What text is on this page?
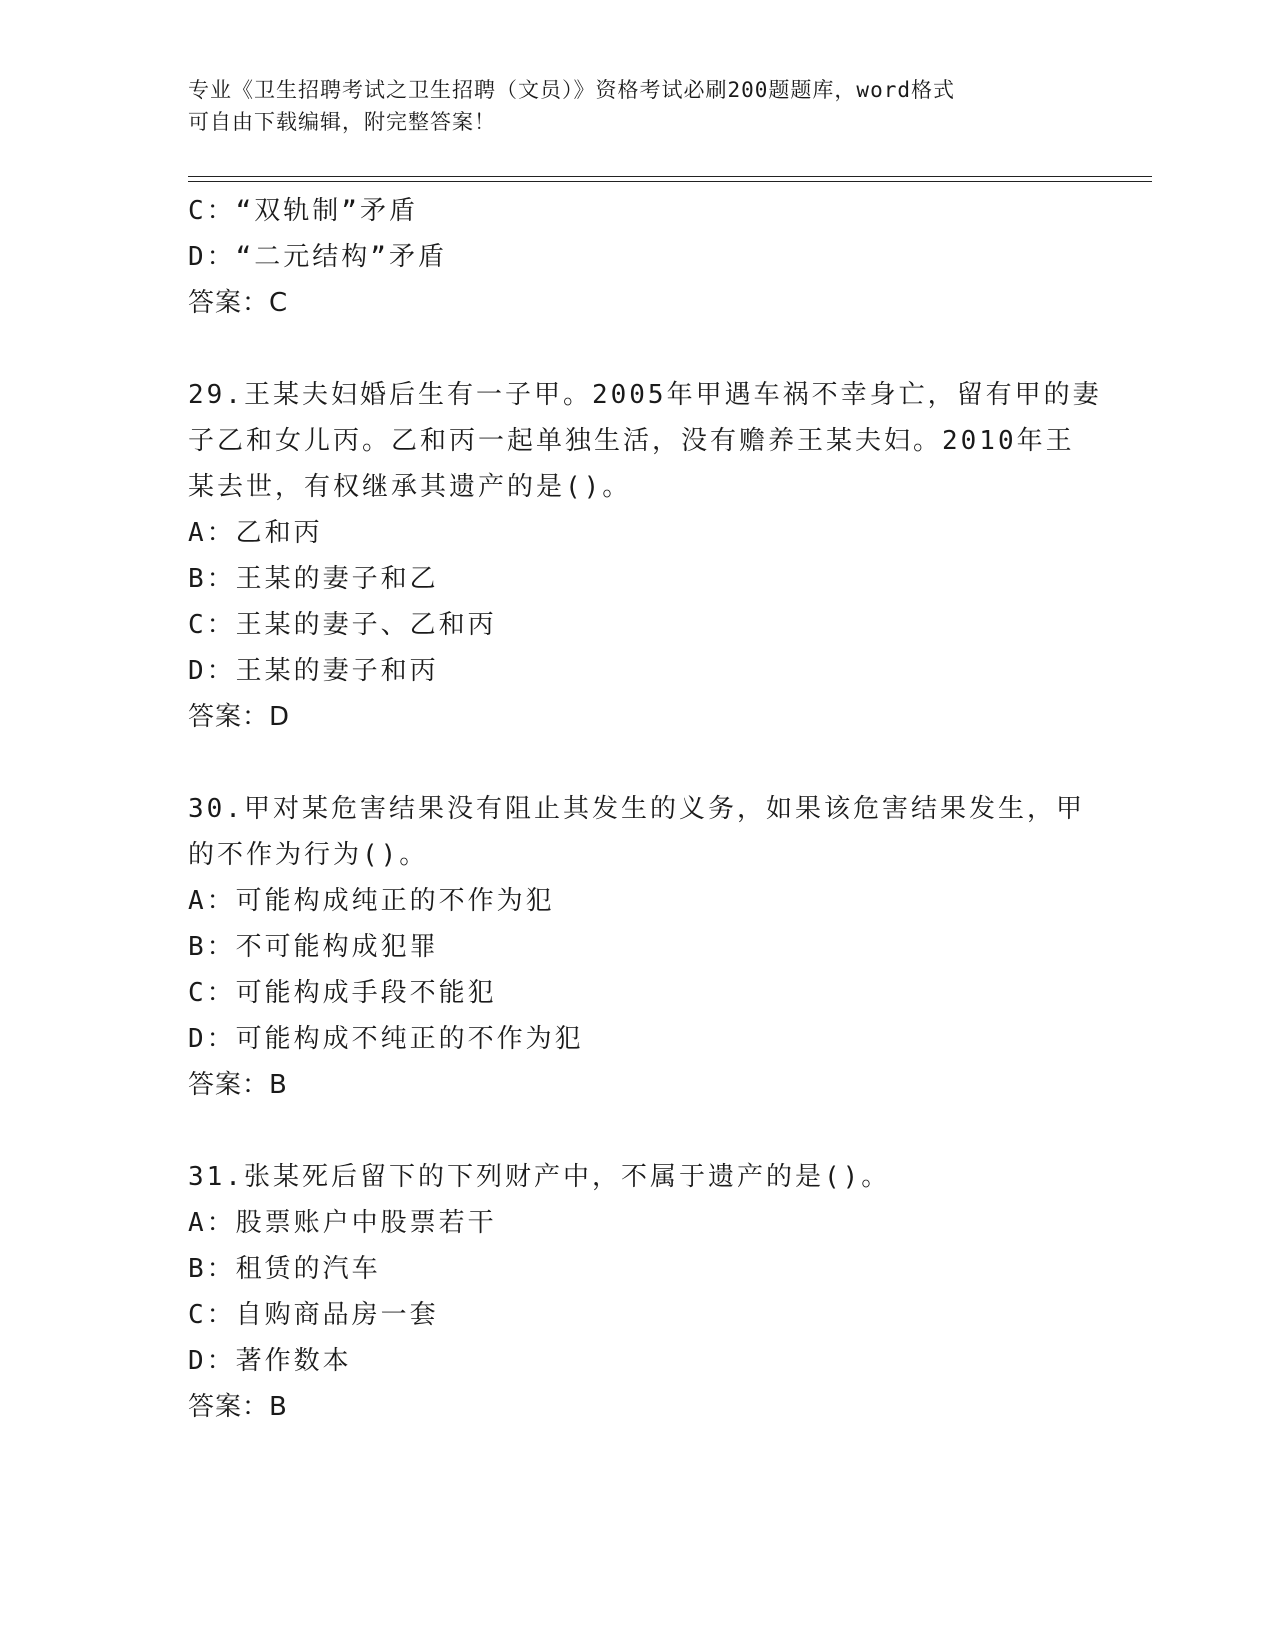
专业《卫生招聘考试之卫生招聘（文员）》资格考试必刷200题题库，word格式
可自由下载编辑，附完整答案！
C：“双轨制”矛盾
D：“二元结构”矛盾
答案：C
29.王某夫妇婚后生有一子甲。2005年甲遇车祸不幸身亡，留有甲的妻
子乙和女儿丙。乙和丙一起单独生活，没有赡养王某夫妇。2010年王
某去世，有权继承其遗产的是()。
A：乙和丙
B：王某的妻子和乙
C：王某的妻子、乙和丙
D：王某的妻子和丙
答案：D
30.甲对某危害结果没有阻止其发生的义务，如果该危害结果发生，甲
的不作为行为()。
A：可能构成纯正的不作为犯
B：不可能构成犯罪
C：可能构成手段不能犯
D：可能构成不纯正的不作为犯
答案：B
31.张某死后留下的下列财产中，不属于遗产的是()。
A：股票账户中股票若干
B：租赁的汽车
C：自购商品房一套
D：著作数本
答案：B
